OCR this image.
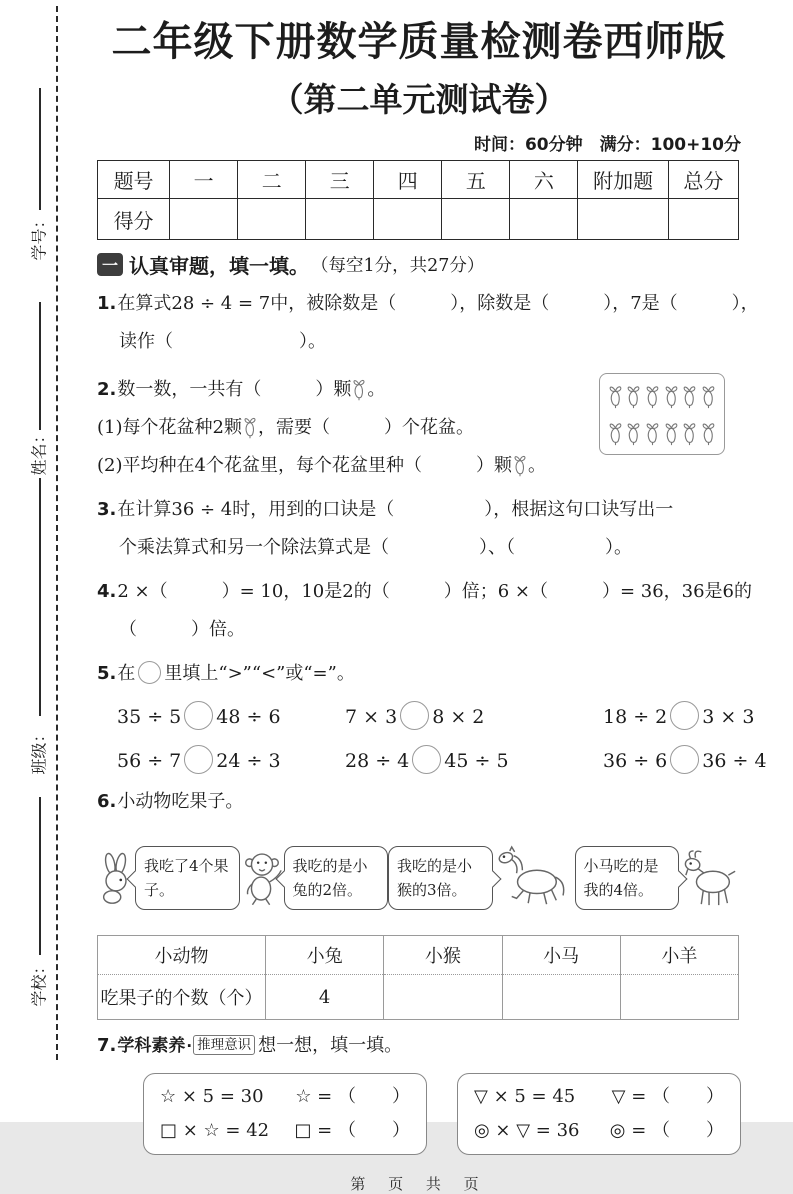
学号：
姓名：
班级：
学校：
二年级下册数学质量检测卷西师版
（第二单元测试卷）
时间：60分钟　满分：100+10分
题号	一	二	三	四	五	六	附加题	总分
得分								
一 认真审题，填一填。 （每空1分，共27分）
1.在算式28 ÷ 4 = 7中，被除数是（　　　），除数是（　　　），7是（　　　），
读作（　　　　　　　）。
2.数一数，一共有（　　　）颗 。
(1)每个花盆种2颗 ，需要（　　　）个花盆。
(2)平均种在4个花盆里，每个花盆里种（　　　）颗 。
3.在计算36 ÷ 4时，用到的口诀是（　　　　　），根据这句口诀写出一
个乘法算式和另一个除法算式是（　　　　　）、（　　　　　）。
4.2 ×（　　　）= 10，10是2的（　　　）倍；6 ×（　　　）= 36，36是6的
（　　　）倍。
5.在 里填上“>”“<”或“=”。
35 ÷ 5 48 ÷ 6	7 × 3 8 × 2	18 ÷ 2 3 × 3
56 ÷ 7 24 ÷ 3	28 ÷ 4 45 ÷ 5	36 ÷ 6 36 ÷ 4
6.小动物吃果子。
我吃了4个果子。
我吃的是小兔的2倍。
我吃的是小猴的3倍。
小马吃的是我的4倍。
小动物	小兔	小猴	小马	小羊
吃果子的个数（个）	4			
7.学科素养· 推理意识 想一想，填一填。
☆ × 5 = 30 ☆ = （　　）
□ × ☆ = 42 □ = （　　）
▽ × 5 = 45 ▽ = （　　）
◎ × ▽ = 36 ◎ = （　　）
第 页 共 页
